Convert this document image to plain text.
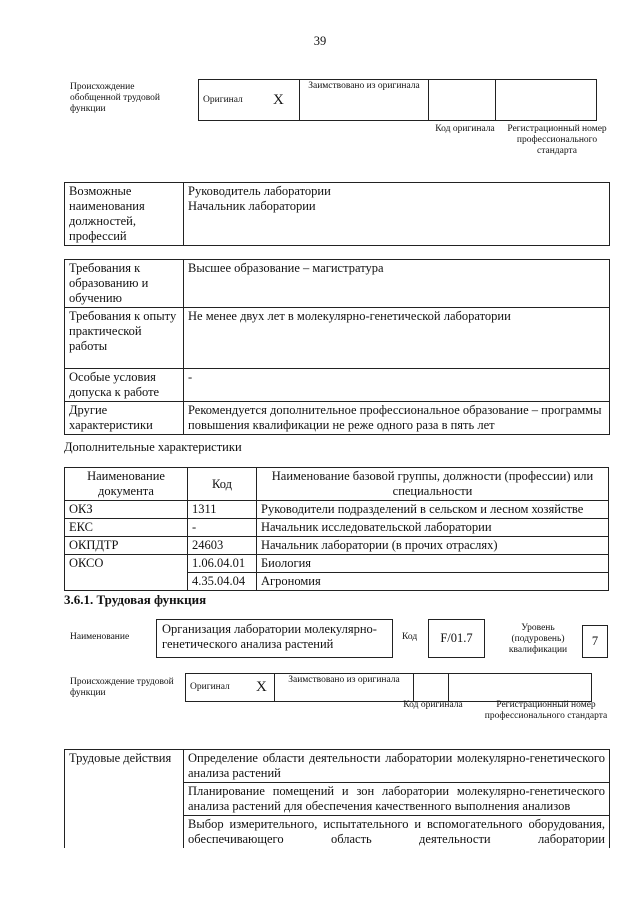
39
Происхождение обобщенной трудовой функции
Оригинал	X	Заимствовано из оригинала		
Код оригинала	Регистрационный номер профессионального стандарта
Возможные наименования должностей, профессий	
Руководитель лаборатории
Начальник лаборатории
Требования к образованию и обучению	Высшее образование – магистратура
Требования к опыту практической работы	Не менее двух лет в молекулярно-генетической лаборатории
Особые условия допуска к работе	-
Другие характеристики	Рекомендуется дополнительное профессиональное образование – программы повышения квалификации не реже одного раза в пять лет
Дополнительные характеристики
Наименование документа	Код	Наименование базовой группы, должности (профессии) или специальности
ОКЗ	1311	Руководители подразделений в сельском и лесном хозяйстве
ЕКС	-	Начальник исследовательской лаборатории
ОКПДТР	24603	Начальник лаборатории (в прочих отраслях)
ОКСО	1.06.04.01	Биология
	4.35.04.04	Агрономия
3.6.1. Трудовая функция
Наименование
Организация лаборатории молекулярно-генетического анализа растений	Код	F/01.7
Уровень (подуровень) квалификации
7
Происхождение трудовой функции
Оригинал	X	Заимствовано из оригинала		
Код оригинала	Регистрационный номер профессионального стандарта
Трудовые действия	Определение области деятельности лаборатории молекулярно-генетического анализа растений

Планирование помещений и зон лаборатории молекулярно-генетического анализа растений для обеспечения качественного выполнения анализов

Выбор измерительного, испытательного и вспомогательного оборудования, обеспечивающего область деятельности лаборатории
